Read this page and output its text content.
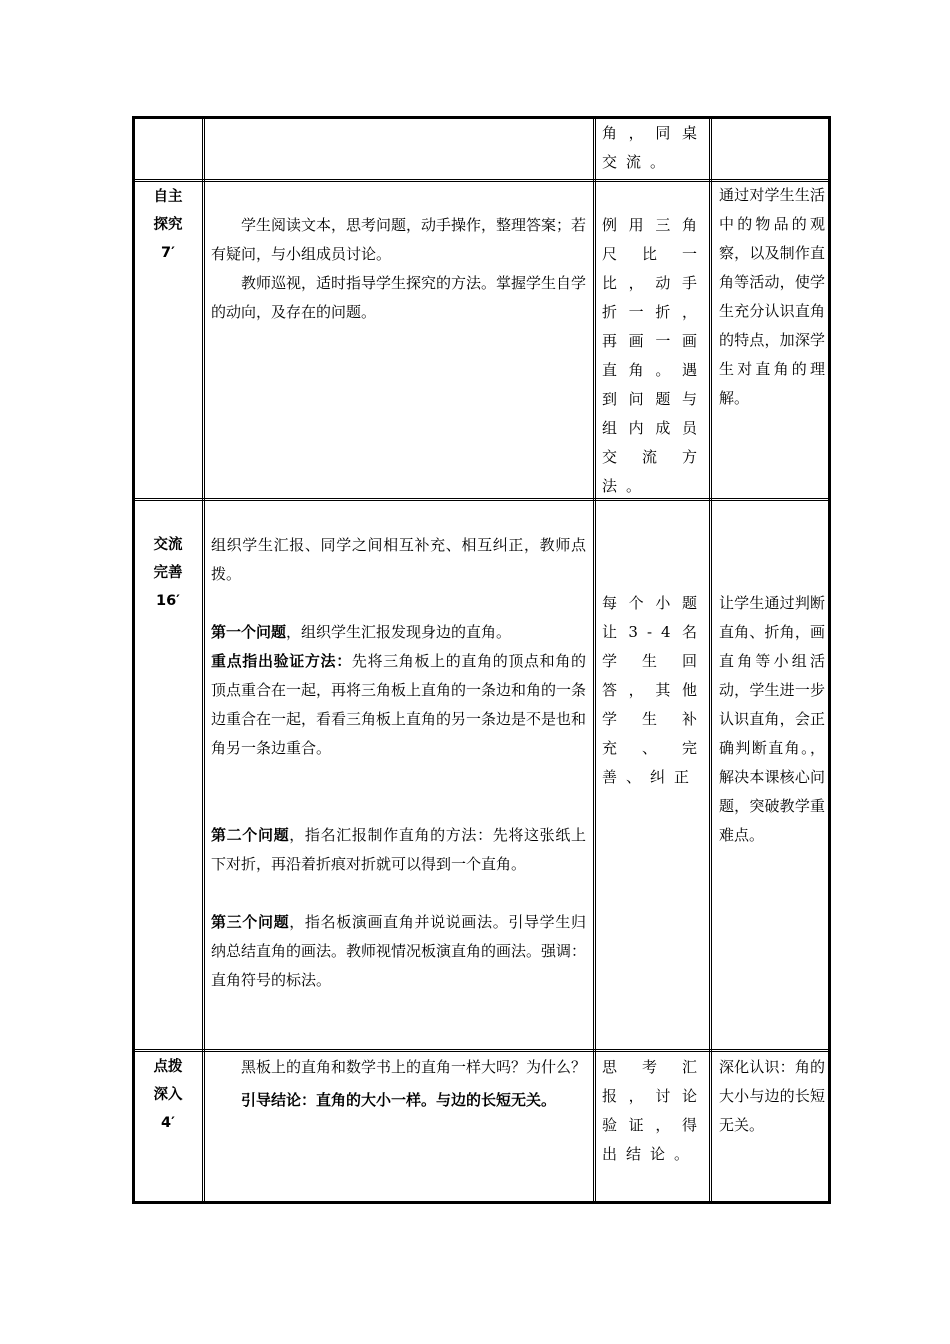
角，同桌交流。
自主
探究
7′

学生阅读文本，思考问题，动手操作，整理答案；若有疑问，与小组成员讨论。

教师巡视，适时指导学生探究的方法。掌握学生自学的动向，及存在的问题。

例用三角尺比一比，动手折一折，再画一画直角。遇到问题与组内成员交流方法。
通过对学生生活中的物品的观察，以及制作直角等活动，使学生充分认识直角的特点，加深学生对直角的理解。
交流
完善
16′

组织学生汇报、同学之间相互补充、相互纠正，教师点拨。

第一个问题，组织学生汇报发现身边的直角。

重点指出验证方法：先将三角板上的直角的顶点和角的顶点重合在一起，再将三角板上直角的一条边和角的一条边重合在一起，看看三角板上直角的另一条边是不是也和角另一条边重合。

第二个问题，指名汇报制作直角的方法：先将这张纸上下对折，再沿着折痕对折就可以得到一个直角。

第三个问题，指名板演画直角并说说画法。引导学生归纳总结直角的画法。教师视情况板演直角的画法。强调：直角符号的标法。

每个小题让3-4名学生回答，其他学生补充、完善、纠正
让学生通过判断直角、折角，画直角等小组活动，学生进一步认识直角，会正确判断直角。，解决本课核心问题，突破教学重难点。
点拨
深入
4′

黑板上的直角和数学书上的直角一样大吗？为什么？

引导结论：直角的大小一样。与边的长短无关。

思考汇报，讨论验证，得出结论。
深化认识：角的大小与边的长短无关。
